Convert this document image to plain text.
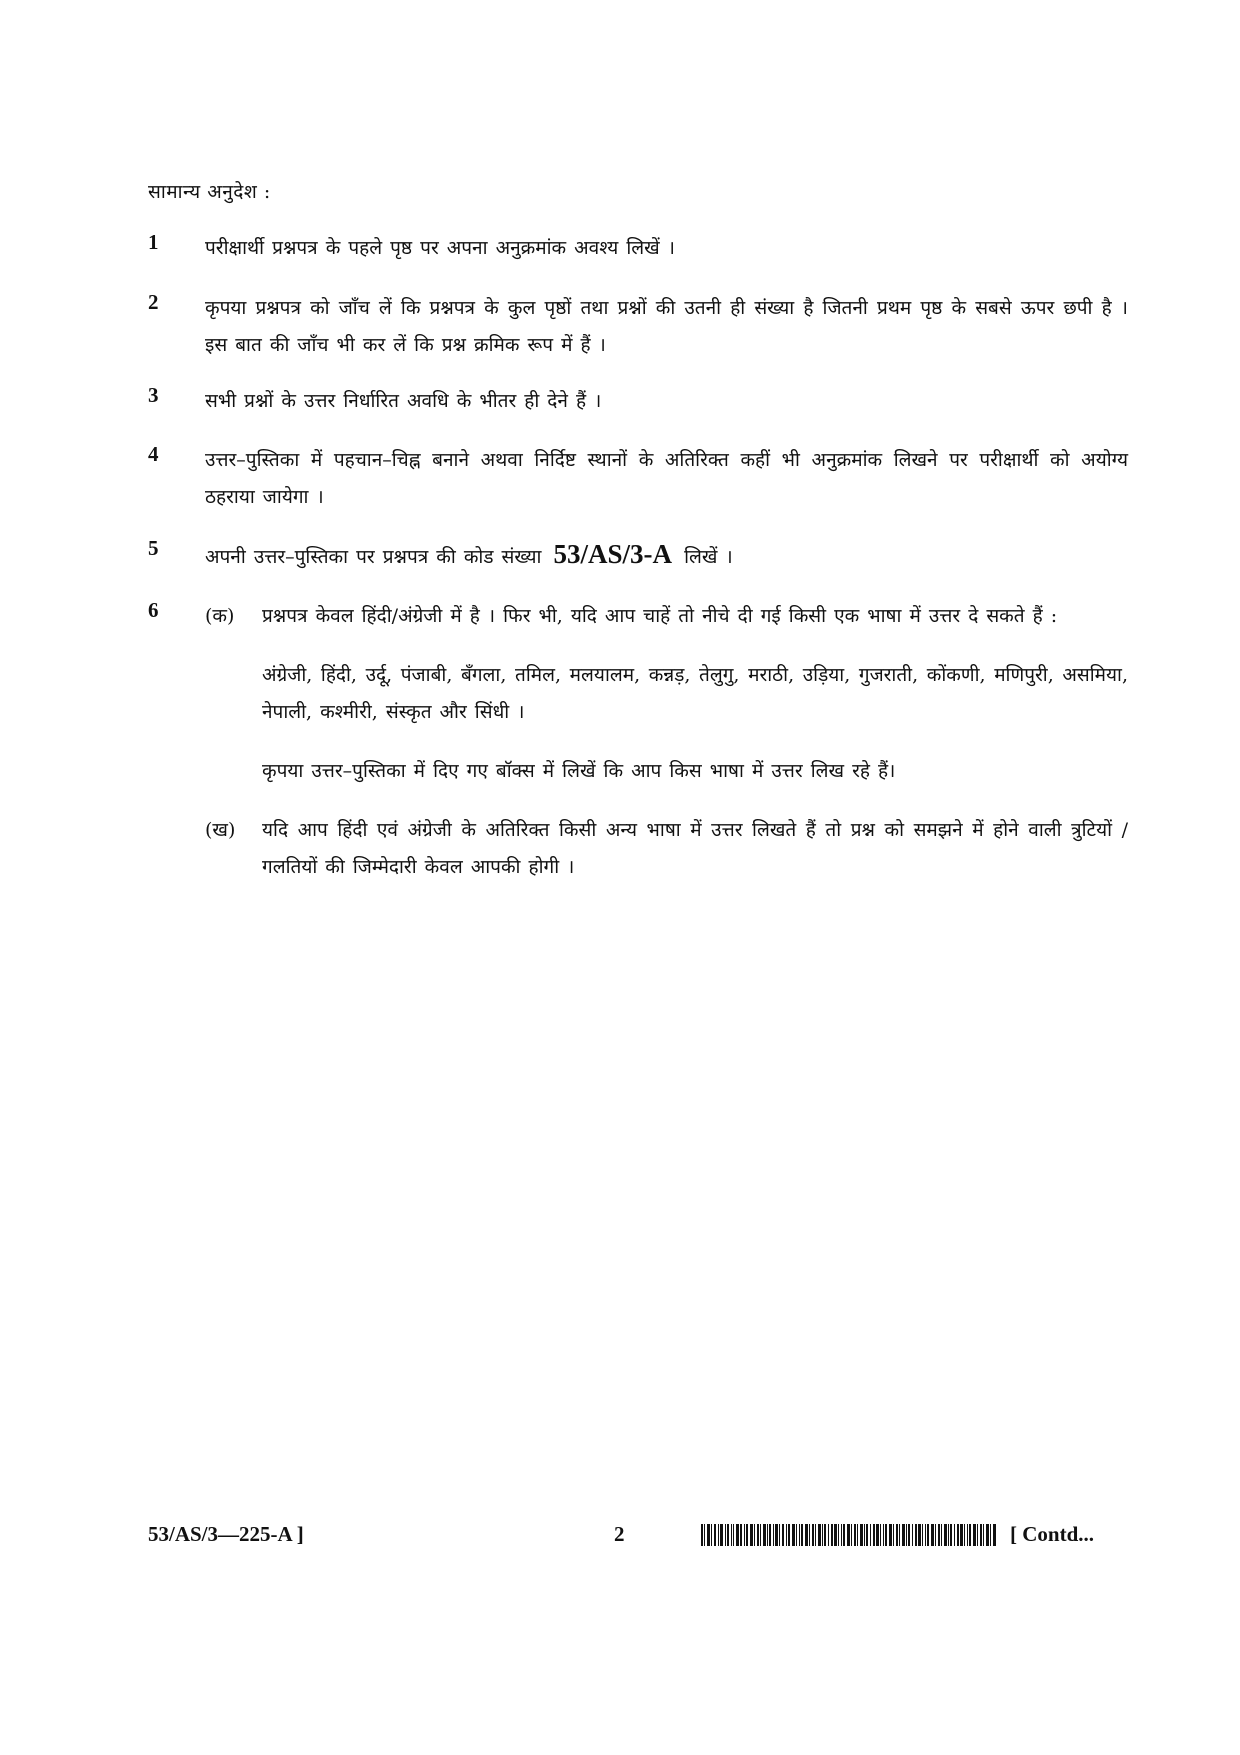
सामान्य अनुदेश :
1 परीक्षार्थी प्रश्नपत्र के पहले पृष्ठ पर अपना अनुक्रमांक अवश्य लिखें ।
2 कृपया प्रश्नपत्र को जाँच लें कि प्रश्नपत्र के कुल पृष्ठों तथा प्रश्नों की उतनी ही संख्या है जितनी प्रथम पृष्ठ के सबसे ऊपर छपी है । इस बात की जाँच भी कर लें कि प्रश्न क्रमिक रूप में हैं ।
3 सभी प्रश्नों के उत्तर निर्धारित अवधि के भीतर ही देने हैं ।
4 उत्तर–पुस्तिका में पहचान–चिह्न बनाने अथवा निर्दिष्ट स्थानों के अतिरिक्त कहीं भी अनुक्रमांक लिखने पर परीक्षार्थी को अयोग्य ठहराया जायेगा ।
5 अपनी उत्तर–पुस्तिका पर प्रश्नपत्र की कोड संख्या 53/AS/3-A लिखें ।
6 (क) प्रश्नपत्र केवल हिंदी/अंग्रेजी में है । फिर भी, यदि आप चाहें तो नीचे दी गई किसी एक भाषा में उत्तर दे सकते हैं :

अंग्रेजी, हिंदी, उर्दू, पंजाबी, बँगला, तमिल, मलयालम, कन्नड़, तेलुगु, मराठी, उड़िया, गुजराती, कोंकणी, मणिपुरी, असमिया, नेपाली, कश्मीरी, संस्कृत और सिंधी ।

कृपया उत्तर–पुस्तिका में दिए गए बॉक्स में लिखें कि आप किस भाषा में उत्तर लिख रहे हैं।

(ख) यदि आप हिंदी एवं अंग्रेजी के अतिरिक्त किसी अन्य भाषा में उत्तर लिखते हैं तो प्रश्न को समझने में होने वाली त्रुटियों / गलतियों की जिम्मेदारी केवल आपकी होगी ।

53/AS/3—225-A ]	2	[ Contd...
